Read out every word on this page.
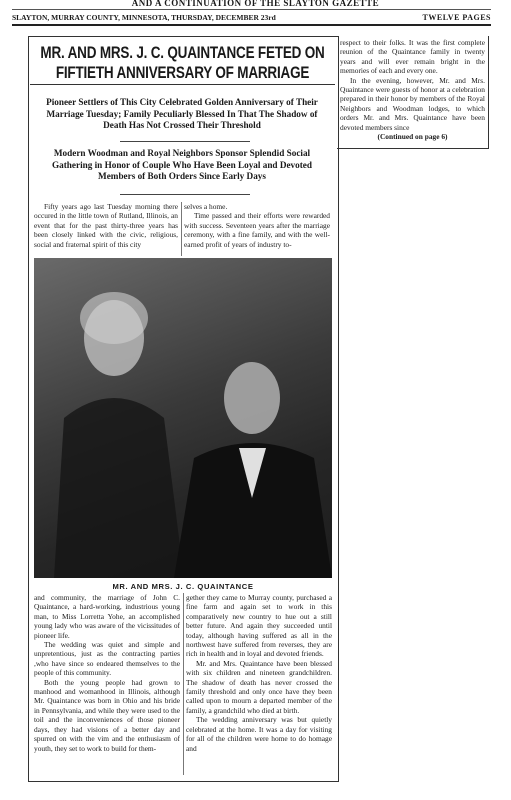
AND A CONTINUATION OF THE SLAYTON GAZETTE
SLAYTON, MURRAY COUNTY, MINNESOTA, THURSDAY, DECEMBER 23rd	TWELVE PAGES
MR. AND MRS. J. C. QUAINTANCE FETED ON FIFTIETH ANNIVERSARY OF MARRIAGE
Pioneer Settlers of This City Celebrated Golden Anniversary of Their Marriage Tuesday; Family Peculiarly Blessed In That The Shadow of Death Has Not Crossed Their Threshold
Modern Woodman and Royal Neighbors Sponsor Splendid Social Gathering in Honor of Couple Who Have Been Loyal and Devoted Members of Both Orders Since Early Days

Fifty years ago last Tuesday morning there occured in the little town of Rutland, Illinois, an event that for the past thirty-three years has been closely linked with the civic, religious, social and fraternal spirit of this city

selves a home.

Time passed and their efforts were rewarded with success. Seventeen years after the marriage ceremony, with a fine family, and with the well-earned profit of years of industry to-

MR. AND MRS. J. C. QUAINTANCE

and community, the marriage of John C. Quaintance, a hard-working, industrious young man, to Miss Lorretta Yohe, an accomplished young lady who was aware of the vicissitudes of pioneer life.

The wedding was quiet and simple and unpretentious, just as the contracting parties ,who have since so endeared themselves to the people of this community.

Both the young people had grown to manhood and womanhood in Illinois, although Mr. Quaintance was born in Ohio and his bride in Pennsylvania, and while they were used to the toil and the inconveniences of those pioneer days, they had visions of a better day and spurred on with the vim and the enthusiasm of youth, they set to work to build for them-

gether they came to Murray county, purchased a fine farm and again set to work in this comparatively new country to hue out a still better future. And again they succeeded until today, although having suffered as all in the northwest have suffered from reverses, they are rich in health and in loyal and devoted friends.

Mr. and Mrs. Quaintance have been blessed with six children and nineteen grandchildren. The shadow of death has never crossed the family threshold and only once have they been called upon to mourn a departed member of the family, a grandchild who died at birth.

The wedding anniversary was but quietly celebrated at the home. It was a day for visiting for all of the children were home to do homage and

respect to their folks. It was the first complete reunion of the Quaintance family in twenty years and will ever remain bright in the memories of each and every one.

In the evening, however, Mr. and Mrs. Quaintance were guests of honor at a celebration prepared in their honor by members of the Royal Neighbors and Woodman lodges, to which orders Mr. and Mrs. Quaintance have been devoted members since

(Continued on page 6)
